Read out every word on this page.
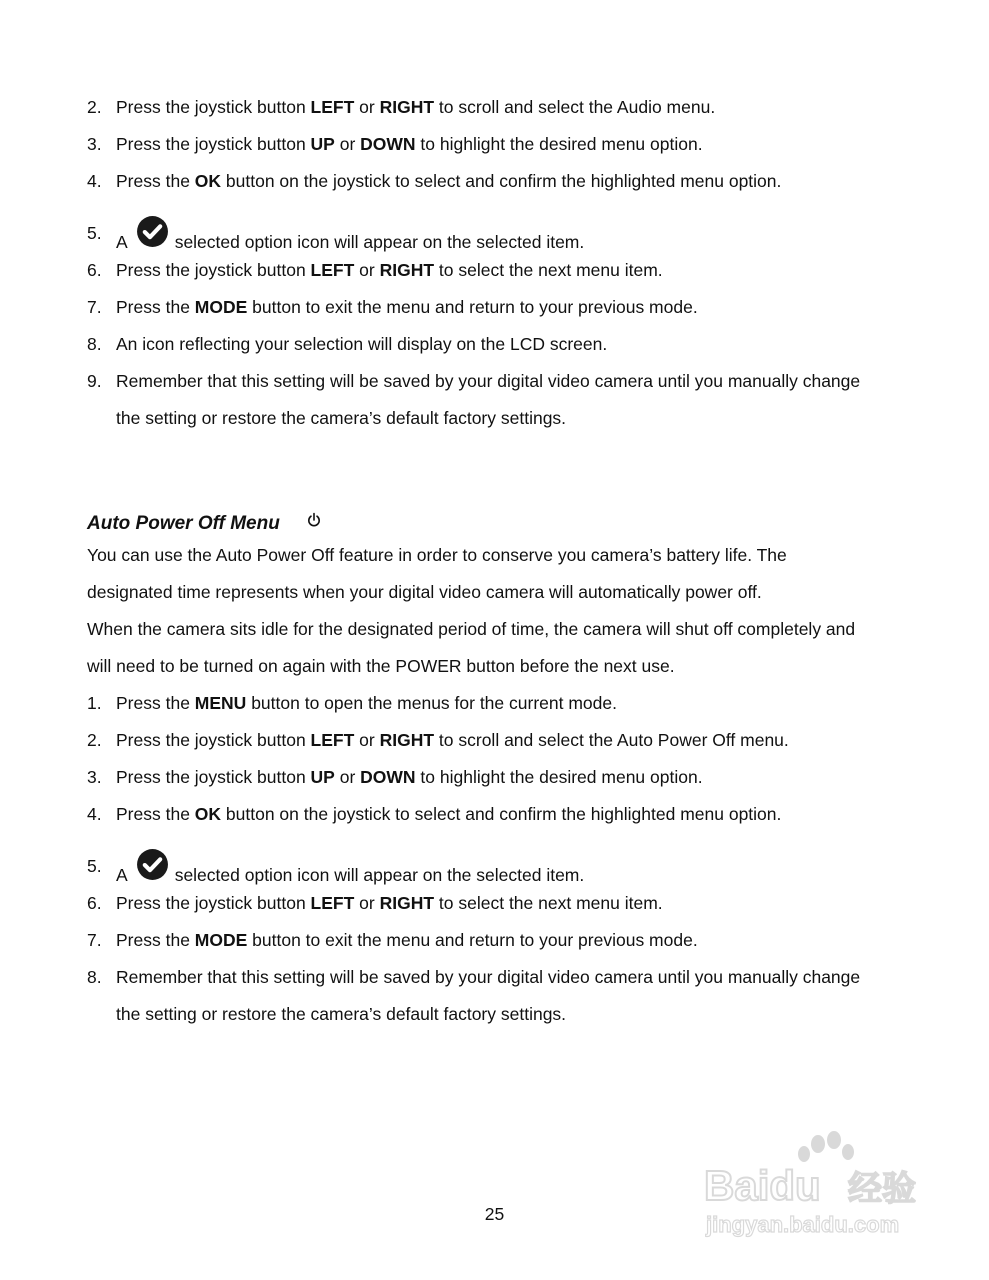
2. Press the joystick button LEFT or RIGHT to scroll and select the Audio menu.
3. Press the joystick button UP or DOWN to highlight the desired menu option.
4. Press the OK button on the joystick to select and confirm the highlighted menu option.
5. A	selected option icon will appear on the selected item.
6. Press the joystick button LEFT or RIGHT to select the next menu item.
7. Press the MODE button to exit the menu and return to your previous mode.
8. An icon reflecting your selection will display on the LCD screen.
9. Remember that this setting will be saved by your digital video camera until you manually change
the setting or restore the camera’s default factory settings.
Auto Power Off Menu
You can use the Auto Power Off feature in order to conserve you camera’s battery life. The
designated time represents when your digital video camera will automatically power off.
When the camera sits idle for the designated period of time, the camera will shut off completely and
will need to be turned on again with the POWER button before the next use.
1. Press the MENU button to open the menus for the current mode.
2. Press the joystick button LEFT or RIGHT to scroll and select the Auto Power Off menu.
3. Press the joystick button UP or DOWN to highlight the desired menu option.
4. Press the OK button on the joystick to select and confirm the highlighted menu option.
5. A	selected option icon will appear on the selected item.
6. Press the joystick button LEFT or RIGHT to select the next menu item.
7. Press the MODE button to exit the menu and return to your previous mode.
8. Remember that this setting will be saved by your digital video camera until you manually change
the setting or restore the camera’s default factory settings.
Baidu 经验
jingyan.baidu.com
25
